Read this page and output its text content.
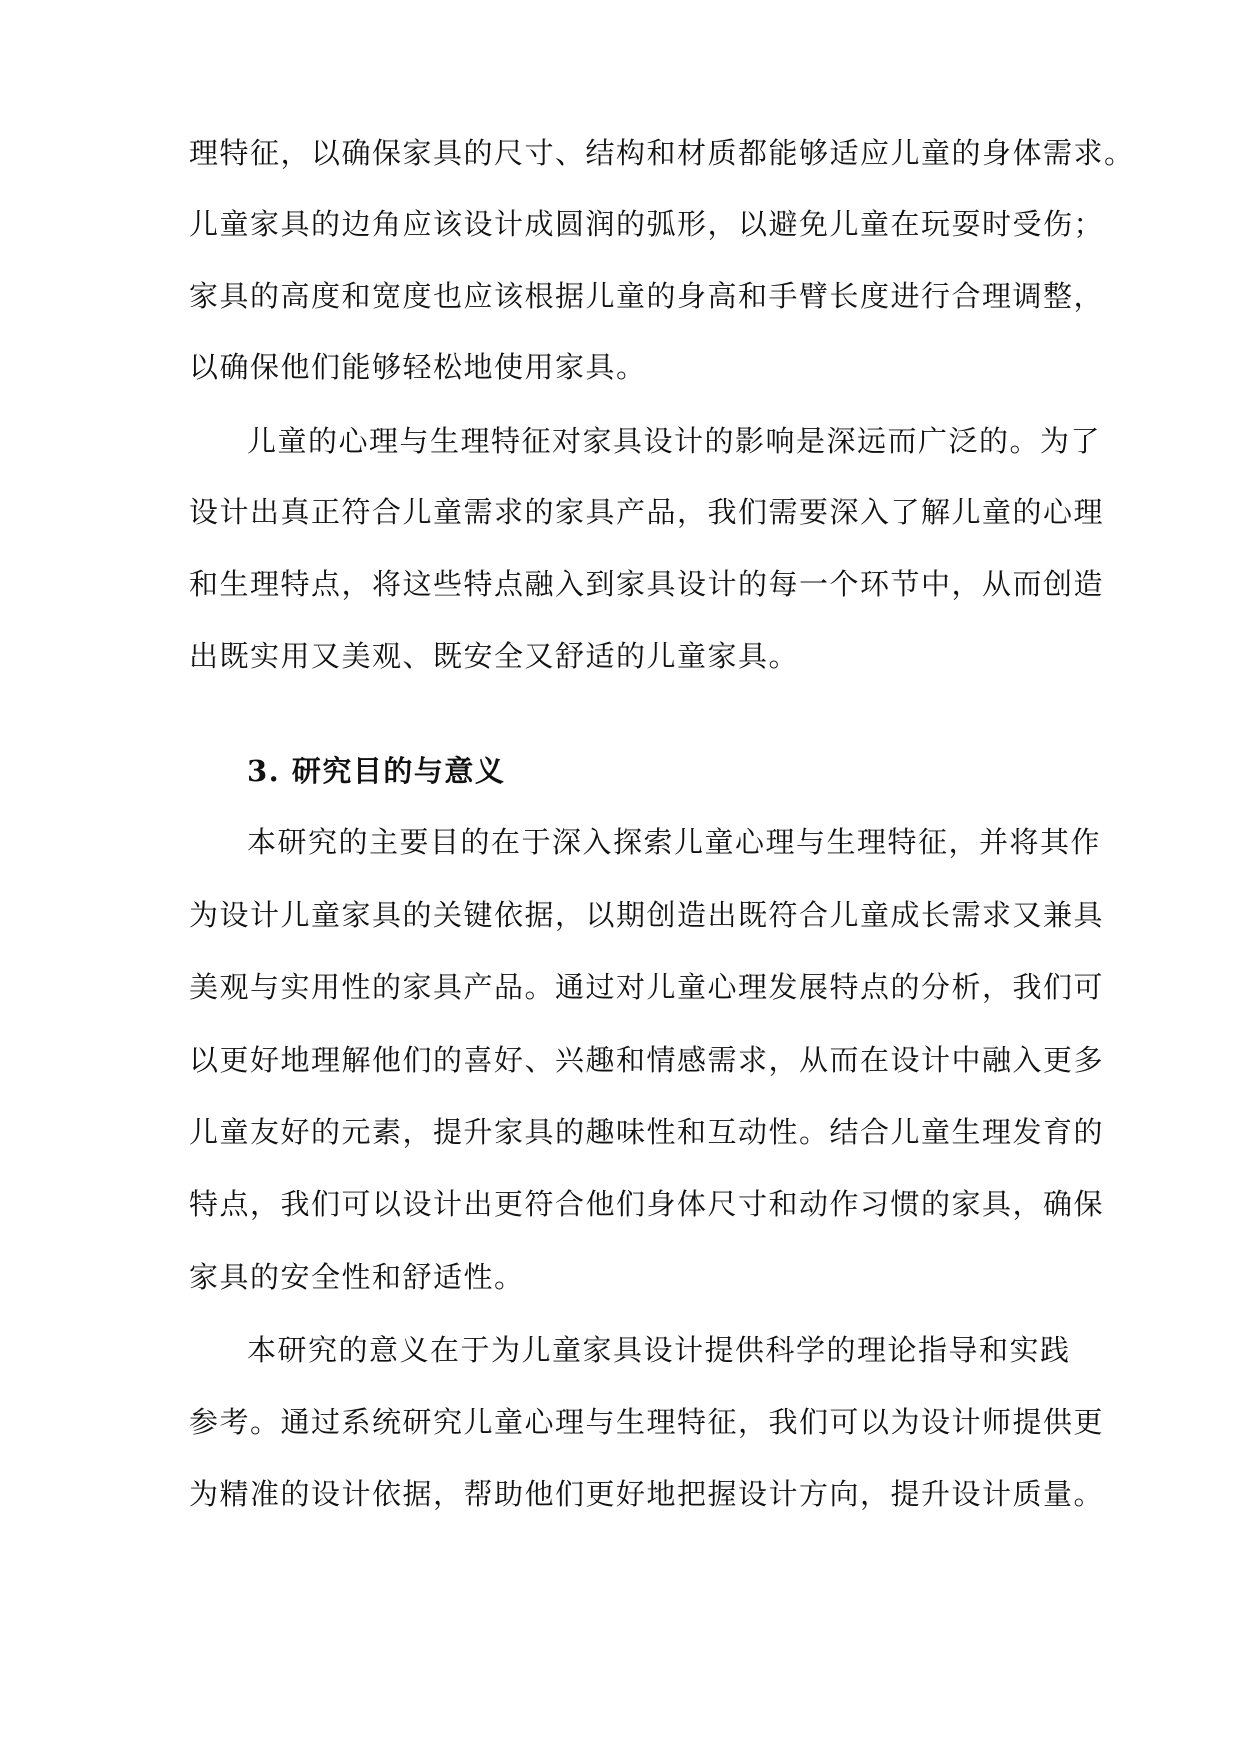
理特征，以确保家具的尺寸、结构和材质都能够适应儿童的身体需求。
儿童家具的边角应该设计成圆润的弧形，以避免儿童在玩耍时受伤；
家具的高度和宽度也应该根据儿童的身高和手臂长度进行合理调整，
以确保他们能够轻松地使用家具。
儿童的心理与生理特征对家具设计的影响是深远而广泛的。为了
设计出真正符合儿童需求的家具产品，我们需要深入了解儿童的心理
和生理特点，将这些特点融入到家具设计的每一个环节中，从而创造
出既实用又美观、既安全又舒适的儿童家具。
3. 研究目的与意义
本研究的主要目的在于深入探索儿童心理与生理特征，并将其作
为设计儿童家具的关键依据，以期创造出既符合儿童成长需求又兼具
美观与实用性的家具产品。通过对儿童心理发展特点的分析，我们可
以更好地理解他们的喜好、兴趣和情感需求，从而在设计中融入更多
儿童友好的元素，提升家具的趣味性和互动性。结合儿童生理发育的
特点，我们可以设计出更符合他们身体尺寸和动作习惯的家具，确保
家具的安全性和舒适性。
本研究的意义在于为儿童家具设计提供科学的理论指导和实践
参考。通过系统研究儿童心理与生理特征，我们可以为设计师提供更
为精准的设计依据，帮助他们更好地把握设计方向，提升设计质量。
